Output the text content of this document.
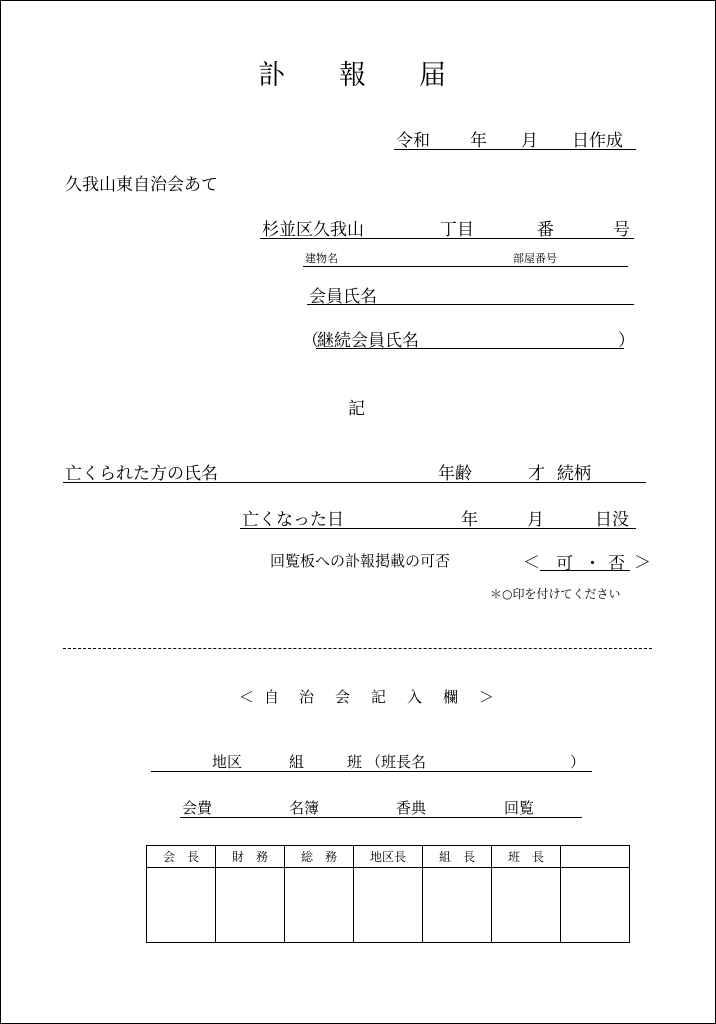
訃 報 届
令和 年 月 日作成
久我山東自治会あて
杉並区久我山	丁目	番	号
建物名	部屋番号
会員氏名
（
継続会員氏名	）
記
亡くられた方の氏名	年齢	才 続柄
亡くなった日	年	月	日没
回覧板への訃報掲載の可否	＜ 可 ・ 否 ＞
＊○印を付けてください
＜ 自 治 会 記 入 欄 ＞
地区	組	班 （班長名	）
会費	名簿	香典	回覧
会　長	財　務	総　務	地区長	組　長	班　長	
